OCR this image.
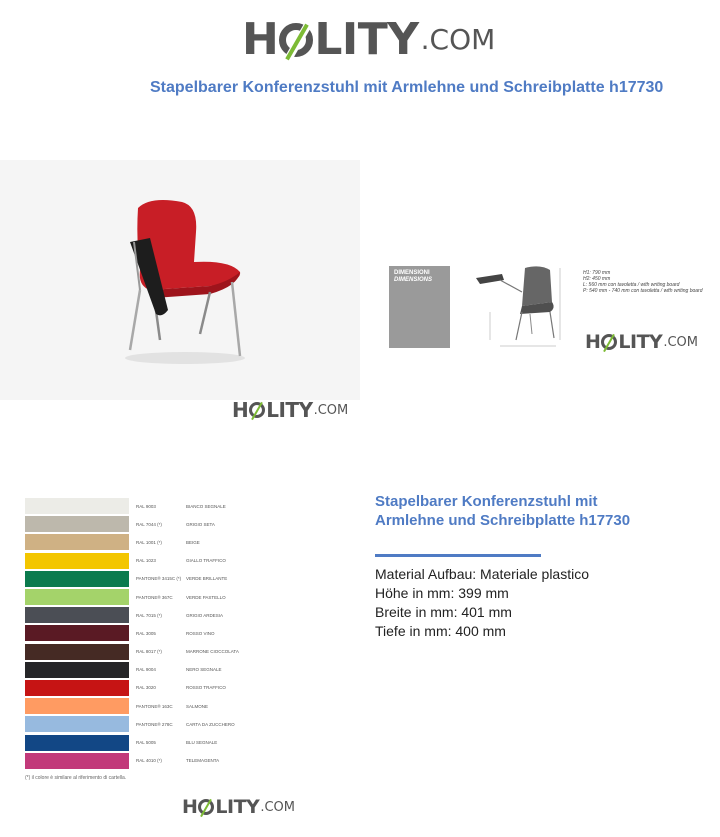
H LITY .COM
Stapelbarer Konferenzstuhl mit Armlehne und Schreibplatte h17730
H LITY .COM
DIMENSIONI
DIMENSIONS
H1: 790 mm
H2: 450 mm
L: 560 mm con tavoletta / with writing board
P: 540 mm - 740 mm con tavoletta / with writing board
H LITY .COM
RAL 9003	BIANCO SEGNALE
RAL 7044 (*)	GRIGIO SETA
RAL 1001 (*)	BEIGE
RAL 1023	GIALLO TRAFFICO
PANTONE® 3415C (*)	VERDE BRILLANTE
PANTONE® 367C	VERDE PASTELLO
RAL 7015 (*)	GRIGIO ARDESIA
RAL 3005	ROSSO VINO
RAL 8017 (*)	MARRONE CIOCCOLATA
RAL 9004	NERO SEGNALE
RAL 3020	ROSSO TRAFFICO
PANTONE® 163C	SALMONE
PANTONE® 278C	CARTA DA ZUCCHERO
RAL 5005	BLU SEGNALE
RAL 4010 (*)	TELEMAGENTA
(*) il colore è similare al riferimento di cartella.
H LITY .COM
Stapelbarer Konferenzstuhl mit Armlehne und Schreibplatte h17730
Material Aufbau: Materiale plastico
Höhe in mm: 399 mm
Breite in mm: 401 mm
Tiefe in mm: 400 mm
